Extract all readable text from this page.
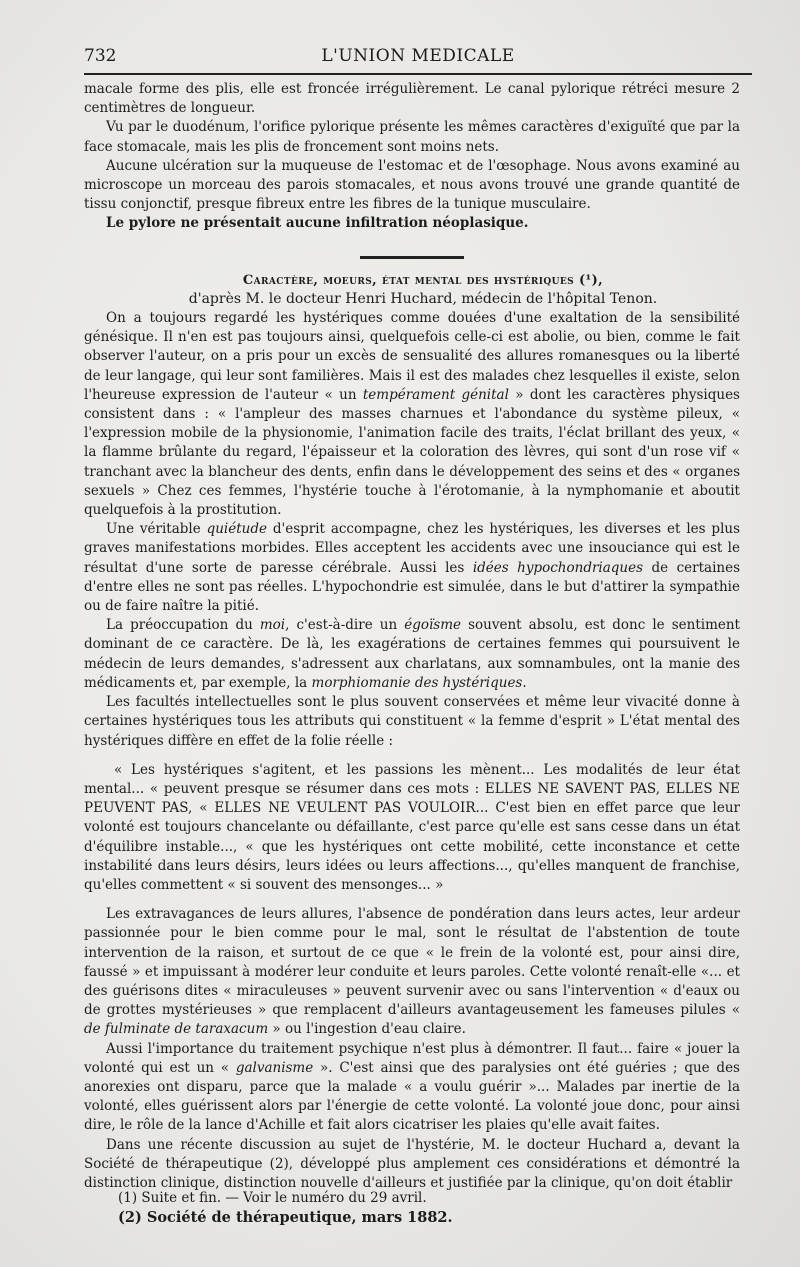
732	L'UNION MEDICALE

macale forme des plis, elle est froncée irrégulièrement. Le canal pylorique rétréci mesure 2 centimètres de longueur.

Vu par le duodénum, l'orifice pylorique présente les mêmes caractères d'exiguïté que par la face stomacale, mais les plis de froncement sont moins nets.

Aucune ulcération sur la muqueuse de l'estomac et de l'œsophage. Nous avons examiné au microscope un morceau des parois stomacales, et nous avons trouvé une grande quantité de tissu conjonctif, presque fibreux entre les fibres de la tunique musculaire.

Le pylore ne présentait aucune infiltration néoplasique.

Caractère, moeurs, état mental des hystériques (¹),

d'après M. le docteur Henri Huchard, médecin de l'hôpital Tenon.

On a toujours regardé les hystériques comme douées d'une exaltation de la sensibilité génésique. Il n'en est pas toujours ainsi, quelquefois celle-ci est abolie, ou bien, comme le fait observer l'auteur, on a pris pour un excès de sensualité des allures romanesques ou la liberté de leur langage, qui leur sont familières. Mais il est des malades chez lesquelles il existe, selon l'heureuse expression de l'auteur « un tempérament génital » dont les caractères physiques consistent dans : « l'ampleur des masses charnues et l'abondance du système pileux, « l'expression mobile de la physionomie, l'animation facile des traits, l'éclat brillant des yeux, « la flamme brûlante du regard, l'épaisseur et la coloration des lèvres, qui sont d'un rose vif « tranchant avec la blancheur des dents, enfin dans le développement des seins et des « organes sexuels » Chez ces femmes, l'hystérie touche à l'érotomanie, à la nymphomanie et aboutit quelquefois à la prostitution.

Une véritable quiétude d'esprit accompagne, chez les hystériques, les diverses et les plus graves manifestations morbides. Elles acceptent les accidents avec une insouciance qui est le résultat d'une sorte de paresse cérébrale. Aussi les idées hypochondriaques de certaines d'entre elles ne sont pas réelles. L'hypochondrie est simulée, dans le but d'attirer la sympathie ou de faire naître la pitié.

La préoccupation du moi, c'est-à-dire un égoïsme souvent absolu, est donc le sentiment dominant de ce caractère. De là, les exagérations de certaines femmes qui poursuivent le médecin de leurs demandes, s'adressent aux charlatans, aux somnambules, ont la manie des médicaments et, par exemple, la morphiomanie des hystériques.

Les facultés intellectuelles sont le plus souvent conservées et même leur vivacité donne à certaines hystériques tous les attributs qui constituent « la femme d'esprit » L'état mental des hystériques diffère en effet de la folie réelle :

« Les hystériques s'agitent, et les passions les mènent... Les modalités de leur état mental... « peuvent presque se résumer dans ces mots : ELLES NE SAVENT PAS, ELLES NE PEUVENT PAS, « ELLES NE VEULENT PAS VOULOIR... C'est bien en effet parce que leur volonté est toujours chancelante ou défaillante, c'est parce qu'elle est sans cesse dans un état d'équilibre instable..., « que les hystériques ont cette mobilité, cette inconstance et cette instabilité dans leurs désirs, leurs idées ou leurs affections..., qu'elles manquent de franchise, qu'elles commettent « si souvent des mensonges... »

Les extravagances de leurs allures, l'absence de pondération dans leurs actes, leur ardeur passionnée pour le bien comme pour le mal, sont le résultat de l'abstention de toute intervention de la raison, et surtout de ce que « le frein de la volonté est, pour ainsi dire, faussé » et impuissant à modérer leur conduite et leurs paroles. Cette volonté renaît-elle «... et des guérisons dites « miraculeuses » peuvent survenir avec ou sans l'intervention « d'eaux ou de grottes mystérieuses » que remplacent d'ailleurs avantageusement les fameuses pilules « de fulminate de taraxacum » ou l'ingestion d'eau claire.

Aussi l'importance du traitement psychique n'est plus à démontrer. Il faut... faire « jouer la volonté qui est un « galvanisme ». C'est ainsi que des paralysies ont été guéries ; que des anorexies ont disparu, parce que la malade « a voulu guérir »... Malades par inertie de la volonté, elles guérissent alors par l'énergie de cette volonté. La volonté joue donc, pour ainsi dire, le rôle de la lance d'Achille et fait alors cicatriser les plaies qu'elle avait faites.

Dans une récente discussion au sujet de l'hystérie, M. le docteur Huchard a, devant la Société de thérapeutique (2), développé plus amplement ces considérations et démontré la distinction clinique, distinction nouvelle d'ailleurs et justifiée par la clinique, qu'on doit établir

(1) Suite et fin. — Voir le numéro du 29 avril.
(2) Société de thérapeutique, mars 1882.
